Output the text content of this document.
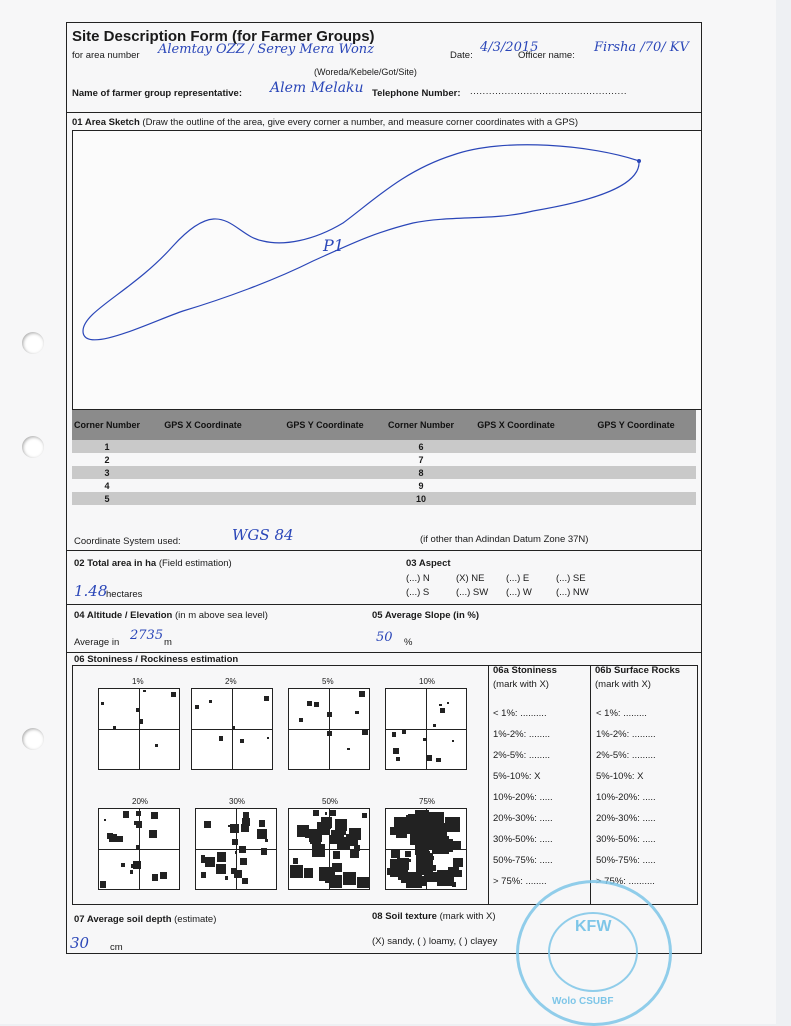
Site Description Form (for Farmer Groups)
for area number Alemtay OZZ / Serey Mera Wonz	Date:
4/3/2015
Officer name:
Firsha /70/ KV
(Woreda/Kebele/Got/Site)
Name of farmer group representative: Alem Melaku Telephone Number: ..................................................
01 Area Sketch (Draw the outline of the area, give every corner a number, and measure corner coordinates with a GPS)
P1
Corner Number	GPS X Coordinate	GPS Y Coordinate	Corner Number	GPS X Coordinate	GPS Y Coordinate
1			6		
2			7		
3			8		
4			9		
5			10		
Coordinate System used:	WGS 84	(if other than Adindan Datum Zone 37N)
02 Total area in ha (Field estimation)
1.48
hectares
03 Aspect
(...) N	(X) NE (...) E	(...) SE
(...) S	(...) SW (...) W	(...) NW
04 Altitude / Elevation (in m above sea level)
Average in 2735 m
05 Average Slope (in %)
50 %
06 Stoniness / Rockiness estimation
1%	2%	5%	10%
20%	30%	50%	75%
06a Stoniness
(mark with X)
06b Surface Rocks
(mark with X)
< 1%: ..........	< 1%: .........
1%-2%: ........	1%-2%: .........
2%-5%: ........	2%-5%: .........
5%-10%: X	5%-10%: X
10%-20%: .....	10%-20%: .....
20%-30%: .....	20%-30%: .....
30%-50%: .....	30%-50%: .....
50%-75%: .....	50%-75%: .....
> 75%: ........	> 75%: ..........
07 Average soil depth (estimate)
30 cm
08 Soil texture (mark with X)
(X) sandy, ( ) loamy, ( ) clayey
KFW
Wolo CSUBF
